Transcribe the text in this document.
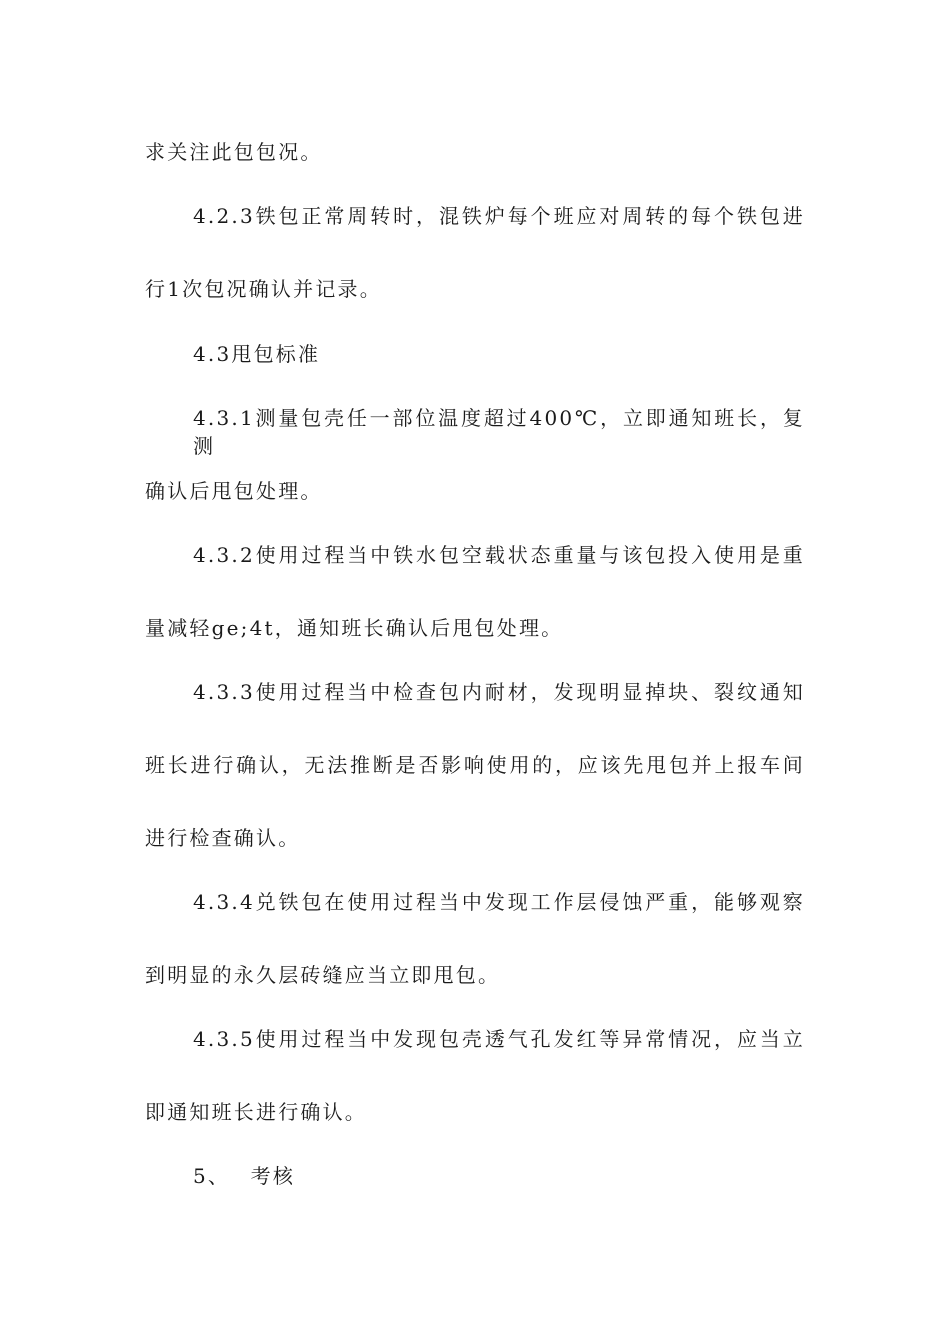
求关注此包包况。
4.2.3铁包正常周转时，混铁炉每个班应对周转的每个铁包进
行1次包况确认并记录。
4.3甩包标准
4.3.1测量包壳任一部位温度超过400℃，立即通知班长，复测
确认后甩包处理。
4.3.2使用过程当中铁水包空载状态重量与该包投入使用是重
量减轻ge;4t，通知班长确认后甩包处理。
4.3.3使用过程当中检查包内耐材，发现明显掉块、裂纹通知
班长进行确认，无法推断是否影响使用的，应该先甩包并上报车间
进行检查确认。
4.3.4兑铁包在使用过程当中发现工作层侵蚀严重，能够观察
到明显的永久层砖缝应当立即甩包。
4.3.5使用过程当中发现包壳透气孔发红等异常情况，应当立
即通知班长进行确认。
5、 考核
